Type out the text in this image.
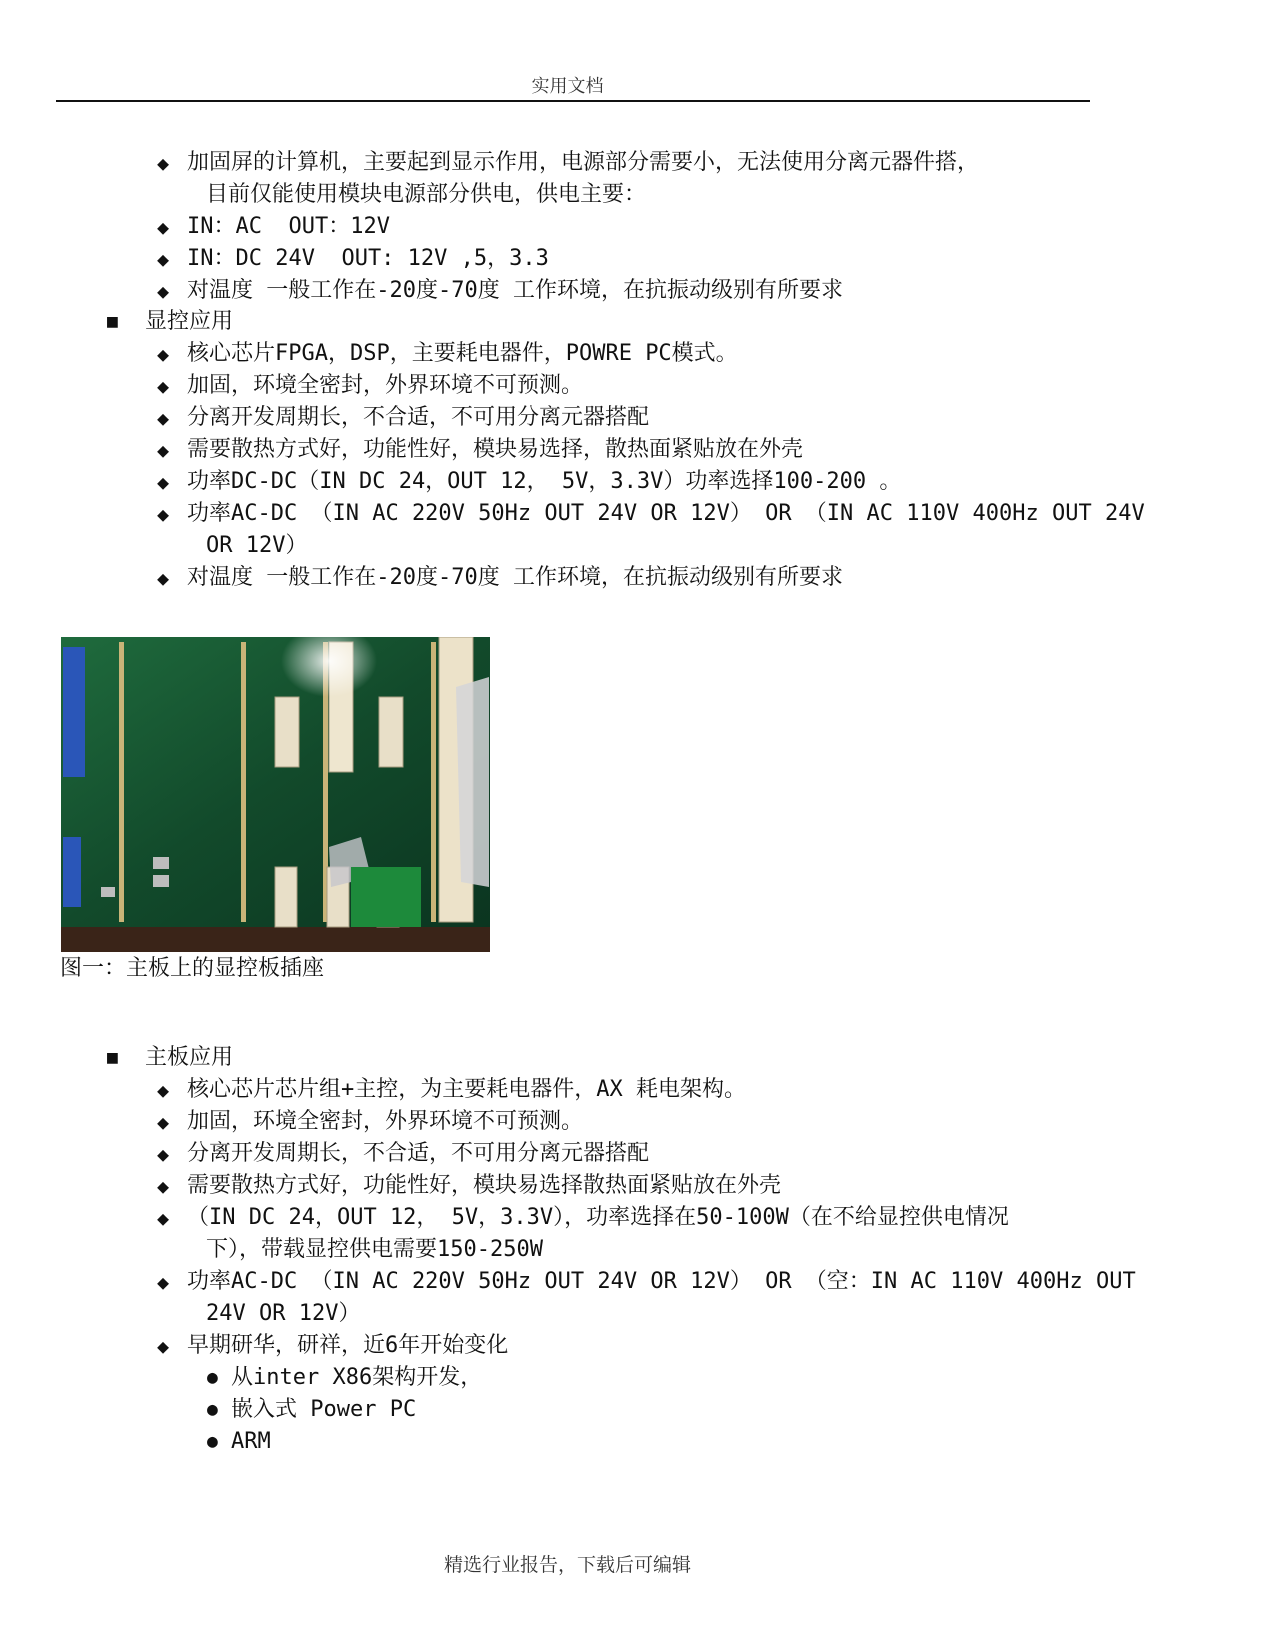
实用文档
◆ 加固屏的计算机，主要起到显示作用，电源部分需要小，无法使用分离元器件搭，
目前仅能使用模块电源部分供电，供电主要：
◆ IN：AC  OUT：12V
◆ IN：DC 24V  OUT: 12V ,5，3.3
◆ 对温度 一般工作在-20度-70度 工作环境，在抗振动级别有所要求
■ 显控应用
◆ 核心芯片FPGA，DSP，主要耗电器件，POWRE PC模式。
◆ 加固，环境全密封，外界环境不可预测。
◆ 分离开发周期长，不合适，不可用分离元器搭配
◆ 需要散热方式好，功能性好，模块易选择，散热面紧贴放在外壳
◆ 功率DC-DC（IN DC 24，OUT 12， 5V，3.3V）功率选择100-200 。
◆ 功率AC-DC （IN AC 220V 50Hz OUT 24V OR 12V） OR （IN AC 110V 400Hz OUT 24V
OR 12V）
◆ 对温度 一般工作在-20度-70度 工作环境，在抗振动级别有所要求
图一：主板上的显控板插座
■ 主板应用
◆ 核心芯片芯片组+主控，为主要耗电器件，AX 耗电架构。
◆ 加固，环境全密封，外界环境不可预测。
◆ 分离开发周期长，不合适，不可用分离元器搭配
◆ 需要散热方式好，功能性好，模块易选择散热面紧贴放在外壳
◆ （IN DC 24，OUT 12， 5V，3.3V），功率选择在50-100W（在不给显控供电情况
下），带载显控供电需要150-250W
◆ 功率AC-DC （IN AC 220V 50Hz OUT 24V OR 12V） OR （空：IN AC 110V 400Hz OUT
24V OR 12V）
◆ 早期研华，研祥，近6年开始变化
● 从inter X86架构开发，
● 嵌入式 Power PC
● ARM
精选行业报告，下载后可编辑
